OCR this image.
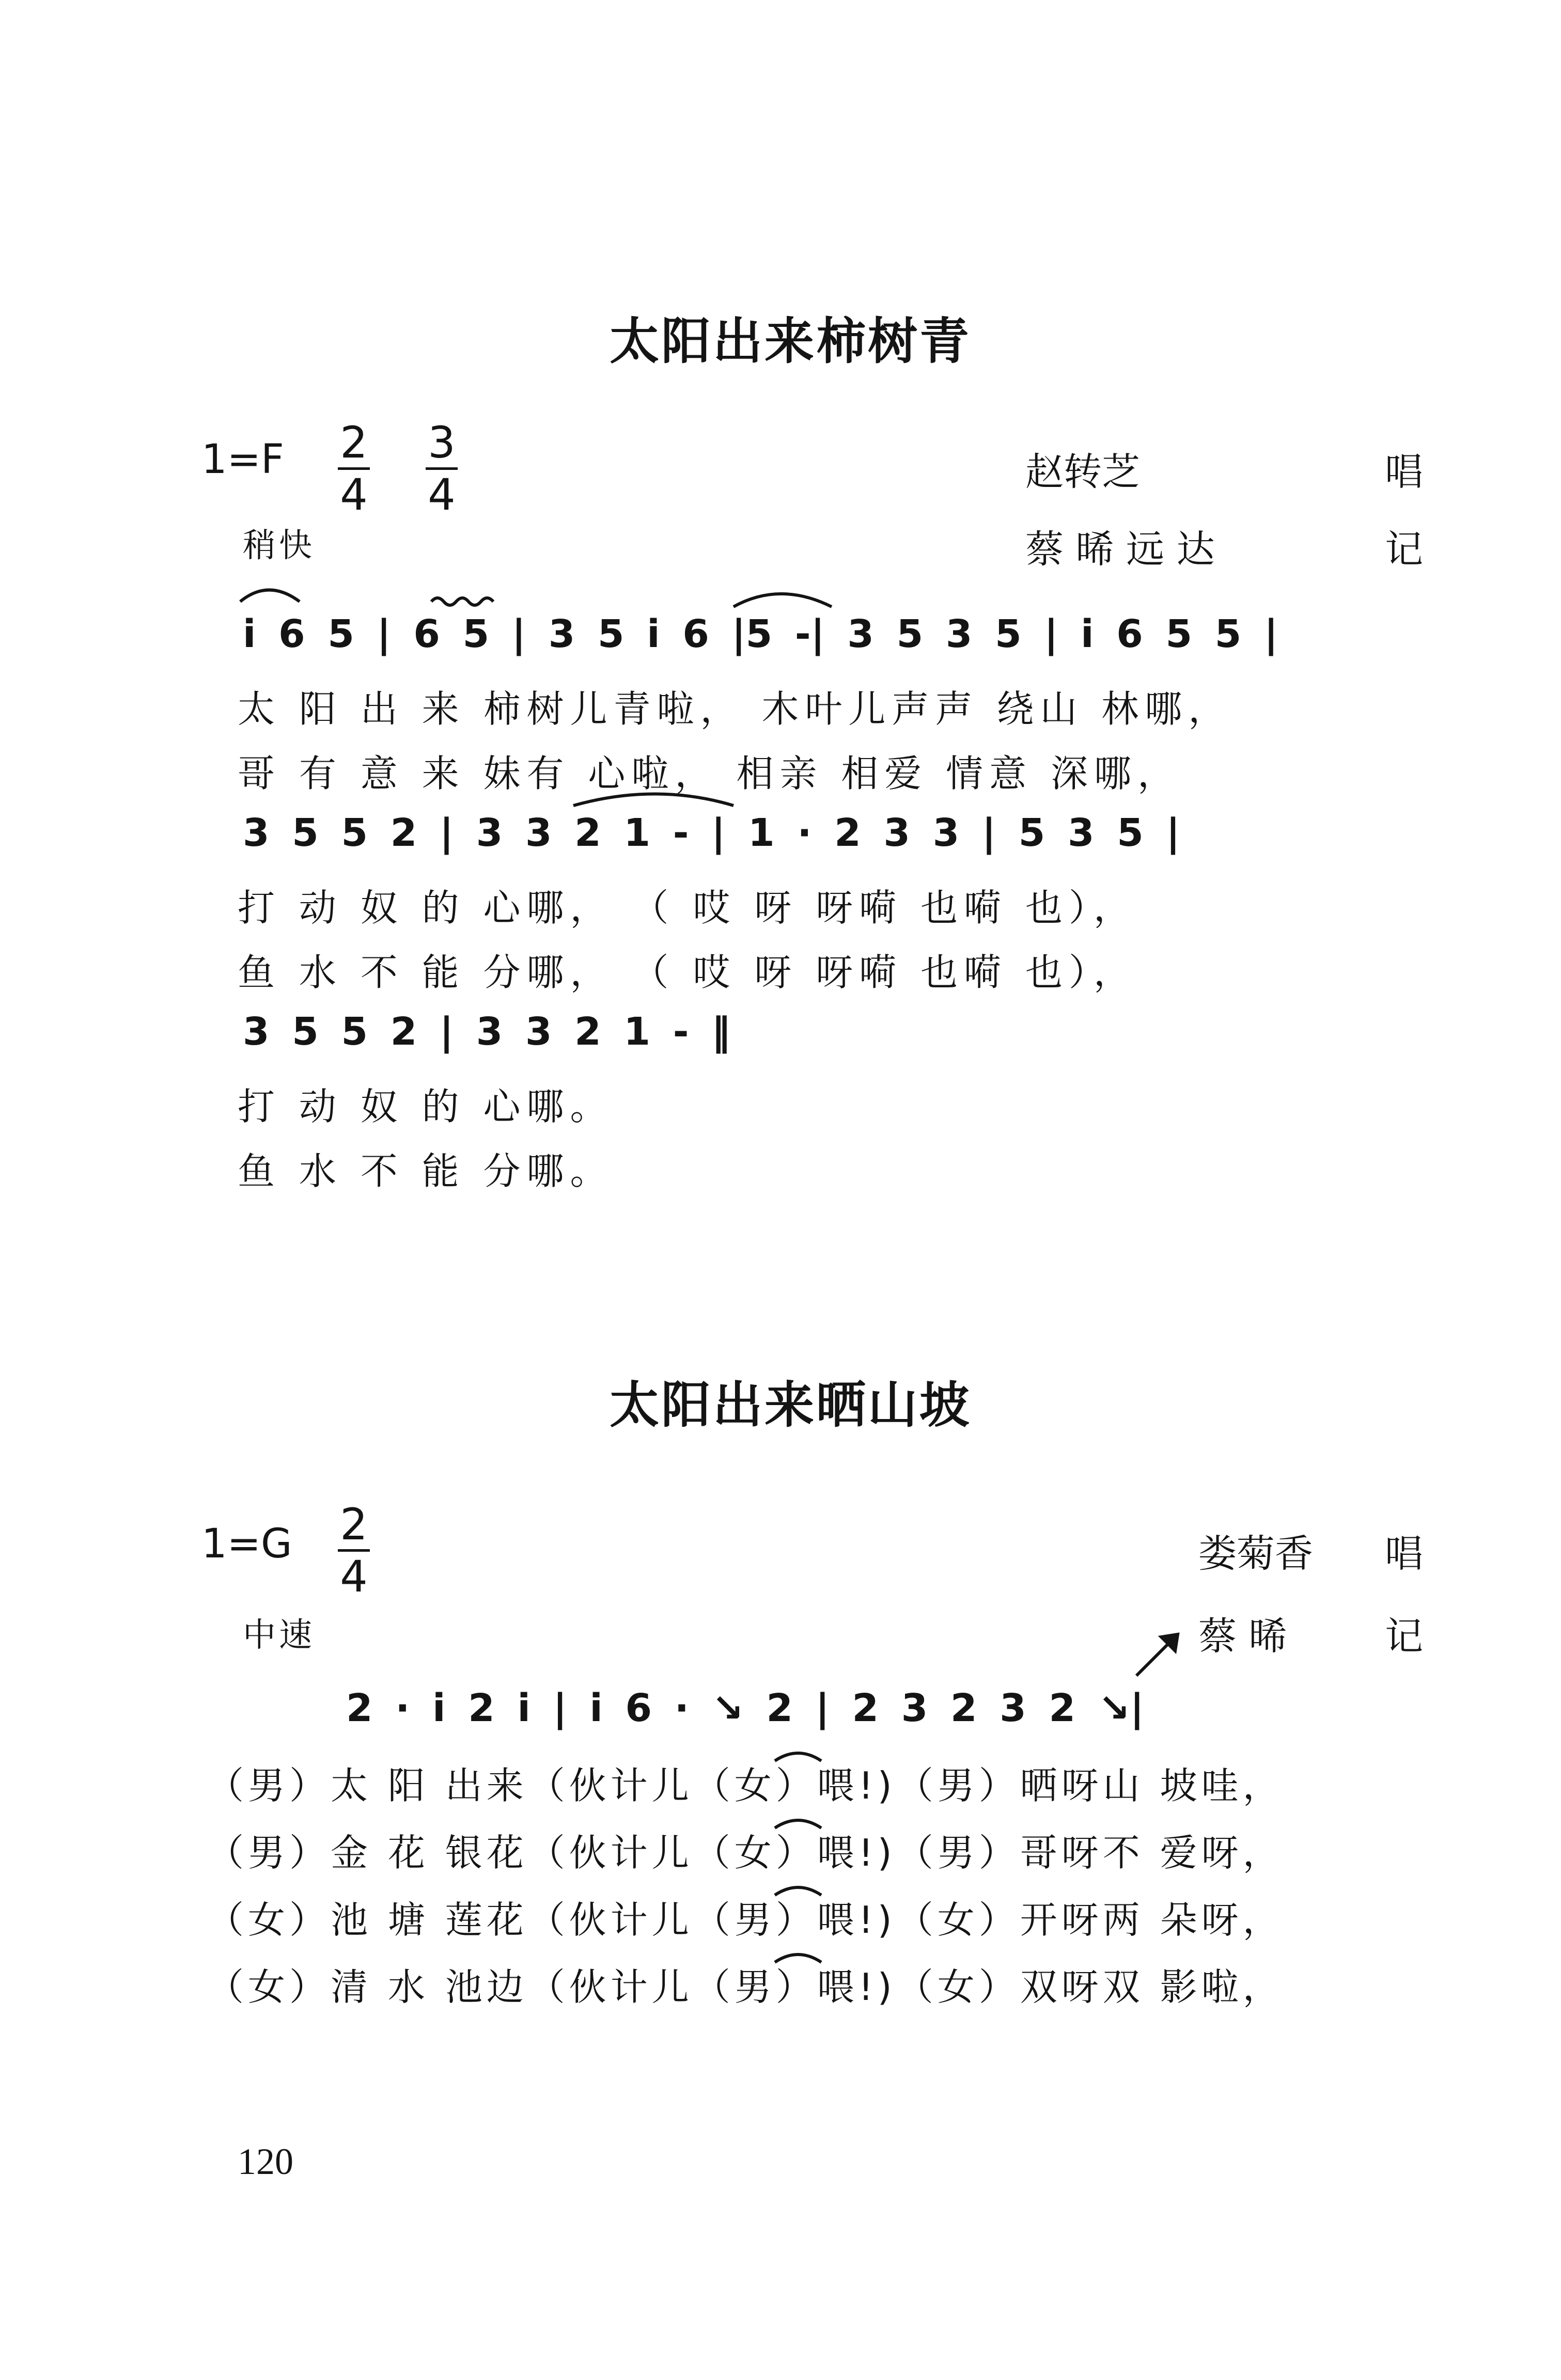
太阳出来柿树青
1=F 2
4
3
4	赵转芝	唱
稍快	蔡 晞 远 达	记
i 6 5 | 6 5 | 3 5 i 6 |5 -| 3 5 3 5 | i 6 5 5 |
太 阳 出 来 柿树儿青啦， 木叶儿声声 绕山 林哪，
哥 有 意 来 妹有 心啦， 相亲 相爱 情意 深哪，
3 5 5 2 | 3 3 2 1 - | 1 · 2 3 3 | 5 3 5 |
打 动 奴 的 心哪， （ 哎 呀 呀嗬 也嗬 也），
鱼 水 不 能 分哪， （ 哎 呀 呀嗬 也嗬 也），
3 5 5 2 | 3 3 2 1 - ‖
打 动 奴 的 心哪。
鱼 水 不 能 分哪。
太阳出来晒山坡
1=G 2
4	娄菊香 唱
中速	蔡 晞	记
2 · i 2 i | i 6 · ↘ 2 | 2 3 2 3 2 ↘|
（男）太 阳 出来（伙计儿（女）喂!)（男）晒呀山 坡哇，
（男）金 花 银花（伙计儿（女）喂!)（男）哥呀不 爱呀，
（女）池 塘 莲花（伙计儿（男）喂!)（女）开呀两 朵呀，
（女）清 水 池边（伙计儿（男）喂!)（女）双呀双 影啦，
120
